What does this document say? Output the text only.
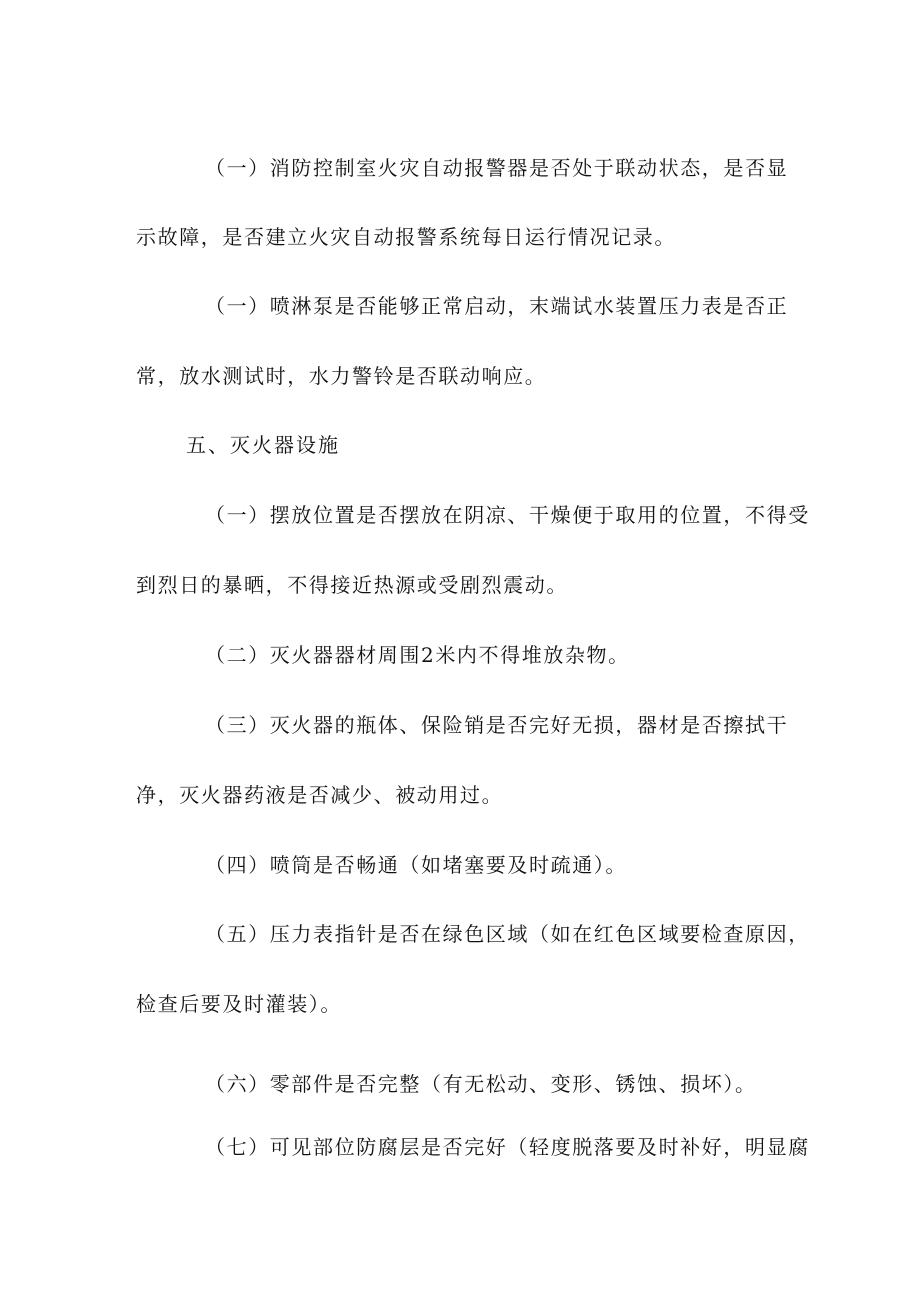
（一）消防控制室火灾自动报警器是否处于联动状态，是否显

示故障，是否建立火灾自动报警系统每日运行情况记录。

（一）喷淋泵是否能够正常启动，末端试水装置压力表是否正

常，放水测试时，水力警铃是否联动响应。

五、灭火器设施

（一）摆放位置是否摆放在阴凉、干燥便于取用的位置，不得受

到烈日的暴晒，不得接近热源或受剧烈震动。

（二）灭火器器材周围2米内不得堆放杂物。

（三）灭火器的瓶体、保险销是否完好无损，器材是否擦拭干

净，灭火器药液是否减少、被动用过。

（四）喷筒是否畅通（如堵塞要及时疏通）。

（五）压力表指针是否在绿色区域（如在红色区域要检查原因，

检查后要及时灌装）。

（六）零部件是否完整（有无松动、变形、锈蚀、损坏）。

（七）可见部位防腐层是否完好（轻度脱落要及时补好，明显腐
